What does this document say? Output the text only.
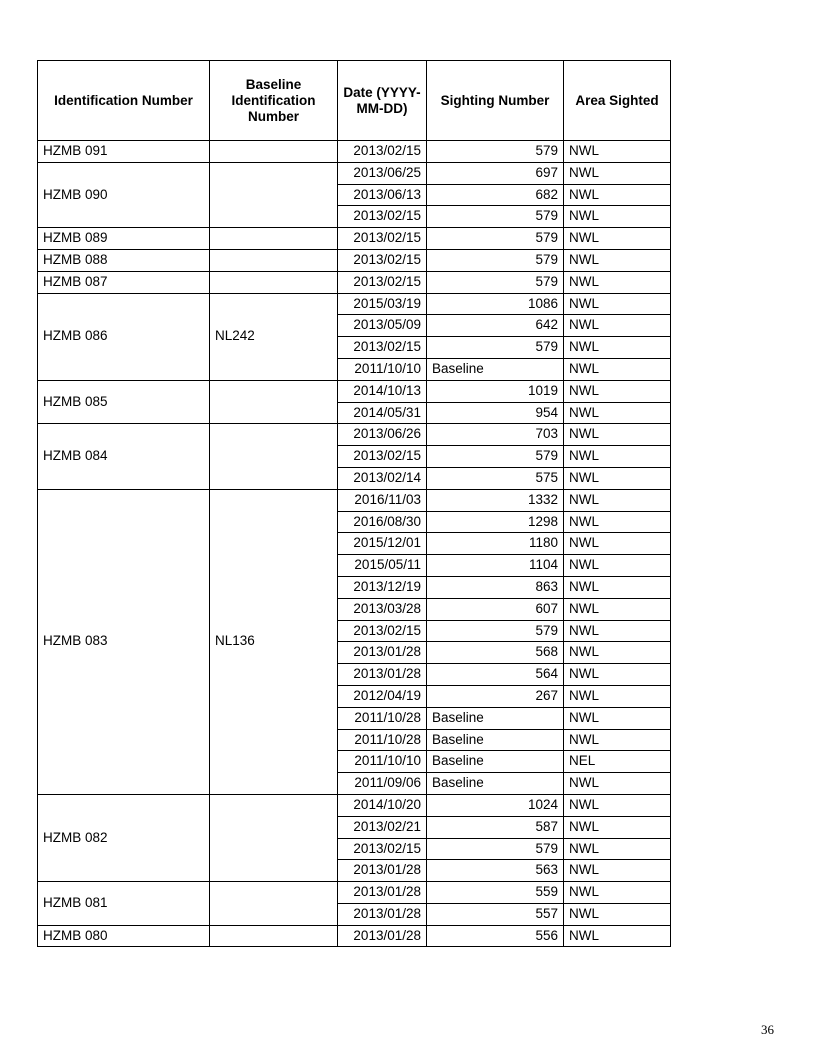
Identification Number	Baseline Identification Number	Date (YYYY-MM-DD)	Sighting Number	Area Sighted
HZMB 091		2013/02/15	579	NWL
HZMB 090		2013/06/25	697	NWL
		2013/06/13	682	NWL
		2013/02/15	579	NWL
HZMB 089		2013/02/15	579	NWL
HZMB 088		2013/02/15	579	NWL
HZMB 087		2013/02/15	579	NWL
HZMB 086	NL242	2015/03/19	1086	NWL
		2013/05/09	642	NWL
		2013/02/15	579	NWL
		2011/10/10	Baseline	NWL
HZMB 085		2014/10/13	1019	NWL
		2014/05/31	954	NWL
HZMB 084		2013/06/26	703	NWL
		2013/02/15	579	NWL
		2013/02/14	575	NWL
HZMB 083	NL136	2016/11/03	1332	NWL
		2016/08/30	1298	NWL
		2015/12/01	1180	NWL
		2015/05/11	1104	NWL
		2013/12/19	863	NWL
		2013/03/28	607	NWL
		2013/02/15	579	NWL
		2013/01/28	568	NWL
		2013/01/28	564	NWL
		2012/04/19	267	NWL
		2011/10/28	Baseline	NWL
		2011/10/28	Baseline	NWL
		2011/10/10	Baseline	NEL
		2011/09/06	Baseline	NWL
HZMB 082		2014/10/20	1024	NWL
		2013/02/21	587	NWL
		2013/02/15	579	NWL
		2013/01/28	563	NWL
HZMB 081		2013/01/28	559	NWL
		2013/01/28	557	NWL
HZMB 080		2013/01/28	556	NWL
36
